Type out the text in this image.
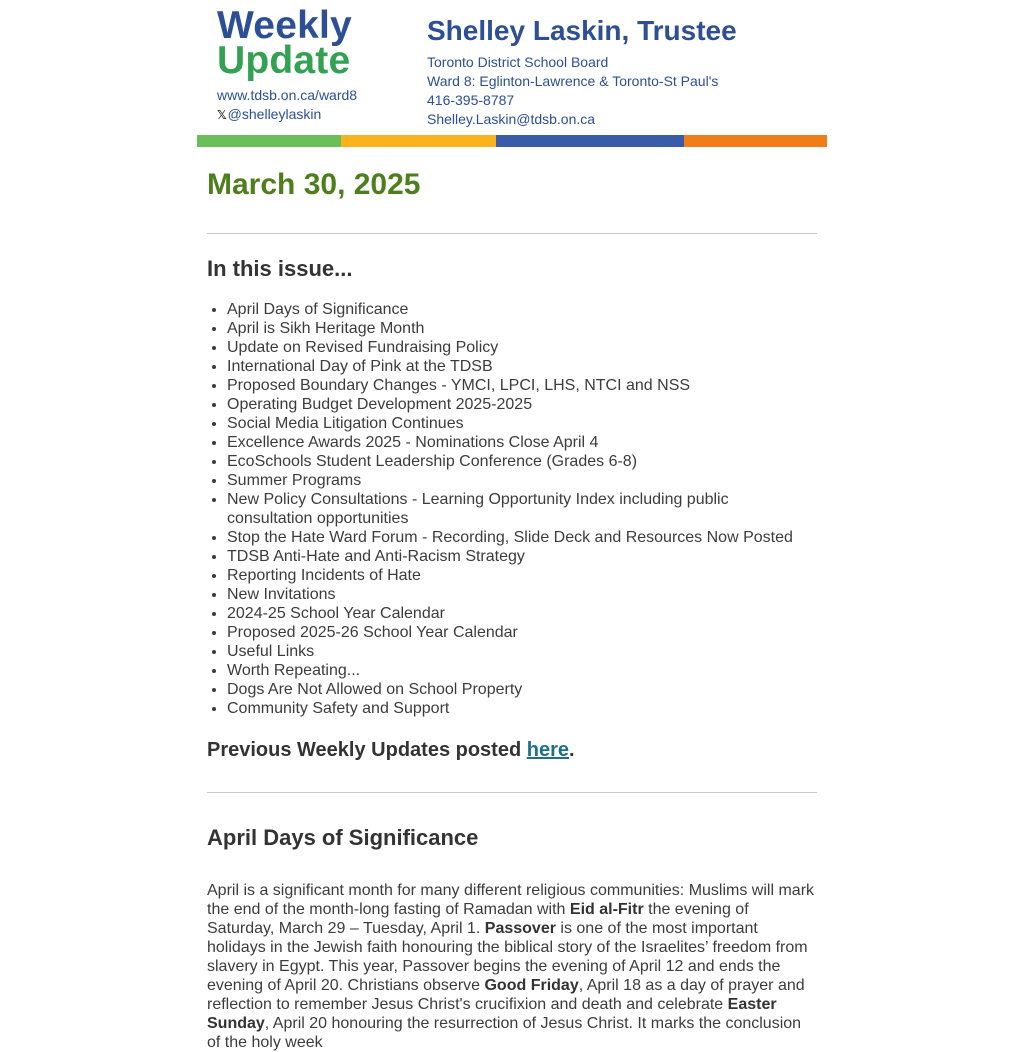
Weekly
Update
www.tdsb.on.ca/ward8
𝕏@shelleylaskin
Shelley Laskin, Trustee
Toronto District School Board
Ward 8: Eglinton-Lawrence & Toronto-St Paul's
416-395-8787
Shelley.Laskin@tdsb.on.ca
March 30, 2025
In this issue...
• April Days of Significance
• April is Sikh Heritage Month
• Update on Revised Fundraising Policy
• International Day of Pink at the TDSB
• Proposed Boundary Changes - YMCI, LPCI, LHS, NTCI and NSS
• Operating Budget Development 2025-2025
• Social Media Litigation Continues
• Excellence Awards 2025 - Nominations Close April 4
• EcoSchools Student Leadership Conference (Grades 6-8)
• Summer Programs
• New Policy Consultations - Learning Opportunity Index including public consultation opportunities
• Stop the Hate Ward Forum - Recording, Slide Deck and Resources Now Posted
• TDSB Anti-Hate and Anti-Racism Strategy
• Reporting Incidents of Hate
• New Invitations
• 2024-25 School Year Calendar
• Proposed 2025-26 School Year Calendar
• Useful Links
• Worth Repeating...
• Dogs Are Not Allowed on School Property
• Community Safety and Support

Previous Weekly Updates posted here.

April Days of Significance

April is a significant month for many different religious communities: Muslims will mark the end of the month-long fasting of Ramadan with Eid al-Fitr the evening of Saturday, March 29 – Tuesday, April 1. Passover is one of the most important holidays in the Jewish faith honouring the biblical story of the Israelites’ freedom from slavery in Egypt. This year, Passover begins the evening of April 12 and ends the evening of April 20. Christians observe Good Friday, April 18 as a day of prayer and reflection to remember Jesus Christ's crucifixion and death and celebrate Easter Sunday, April 20 honouring the resurrection of Jesus Christ. It marks the conclusion of the holy week
